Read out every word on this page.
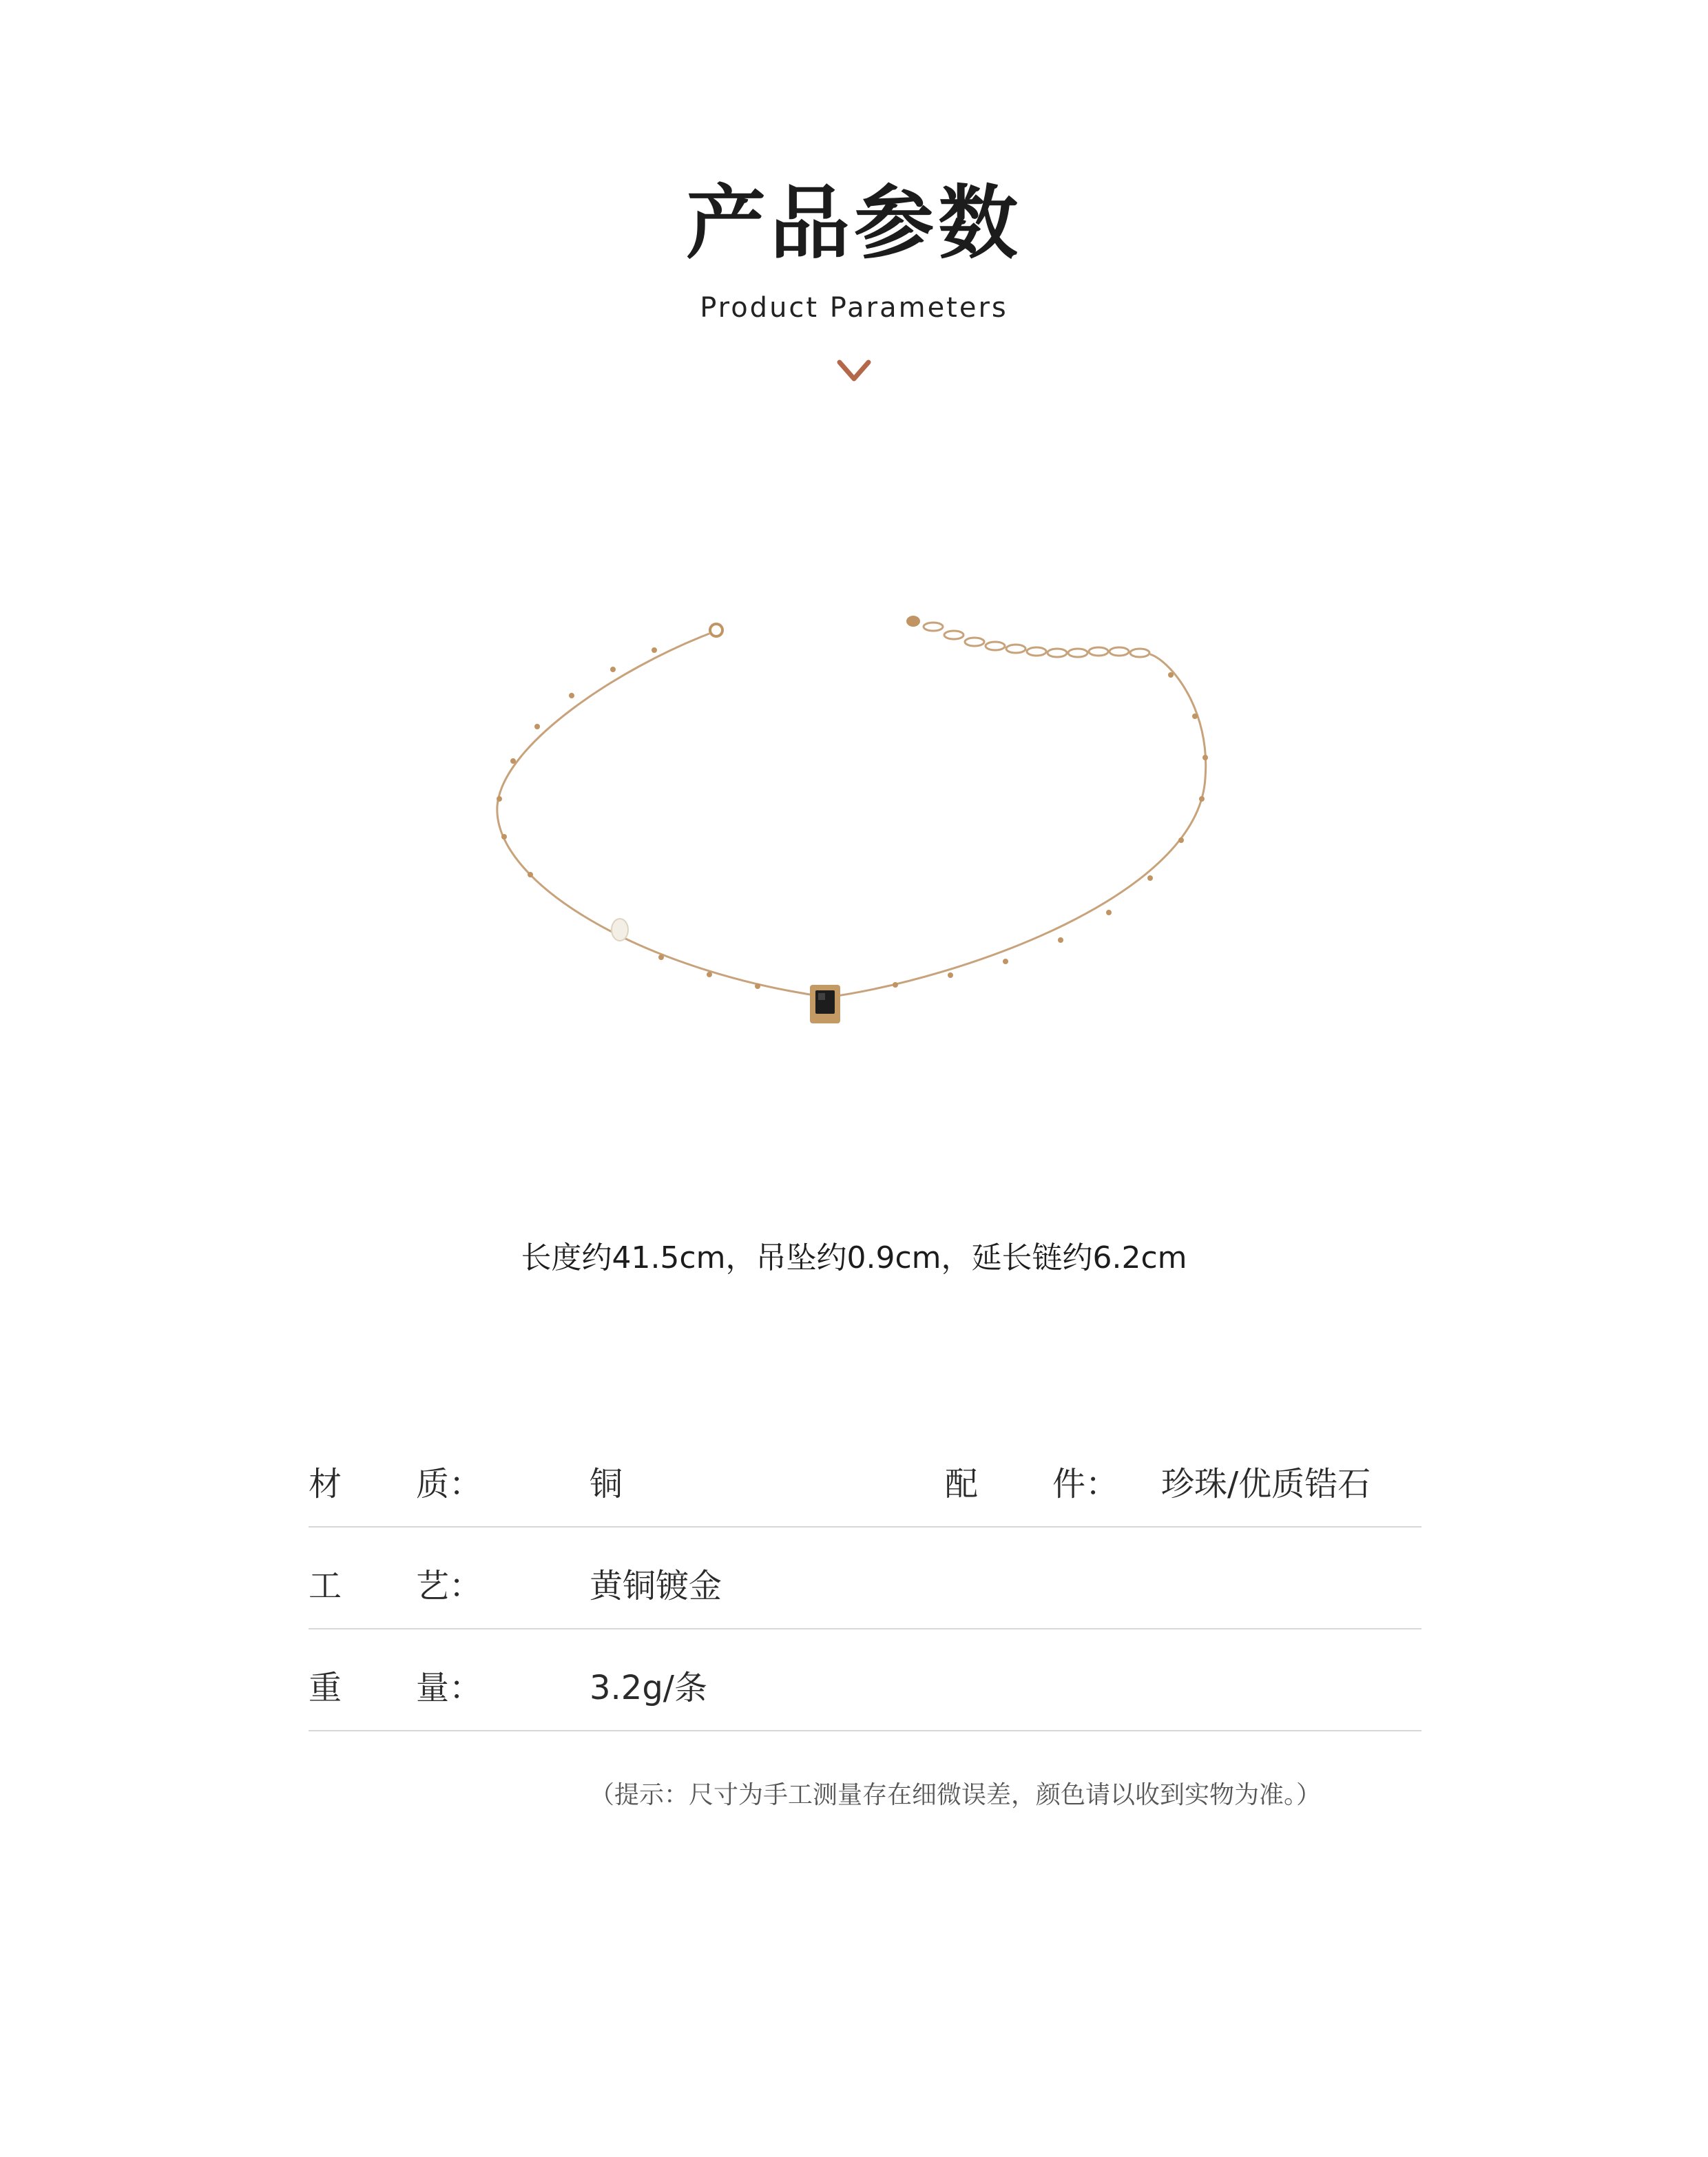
产品参数
Product Parameters
长度约41.5cm，吊坠约0.9cm，延长链约6.2cm
材 质：	铜	配 件： 珍珠/优质锆石
工 艺：	黄铜镀金
重 量：	3.2g/条
（提示：尺寸为手工测量存在细微误差，颜色请以收到实物为准。）
